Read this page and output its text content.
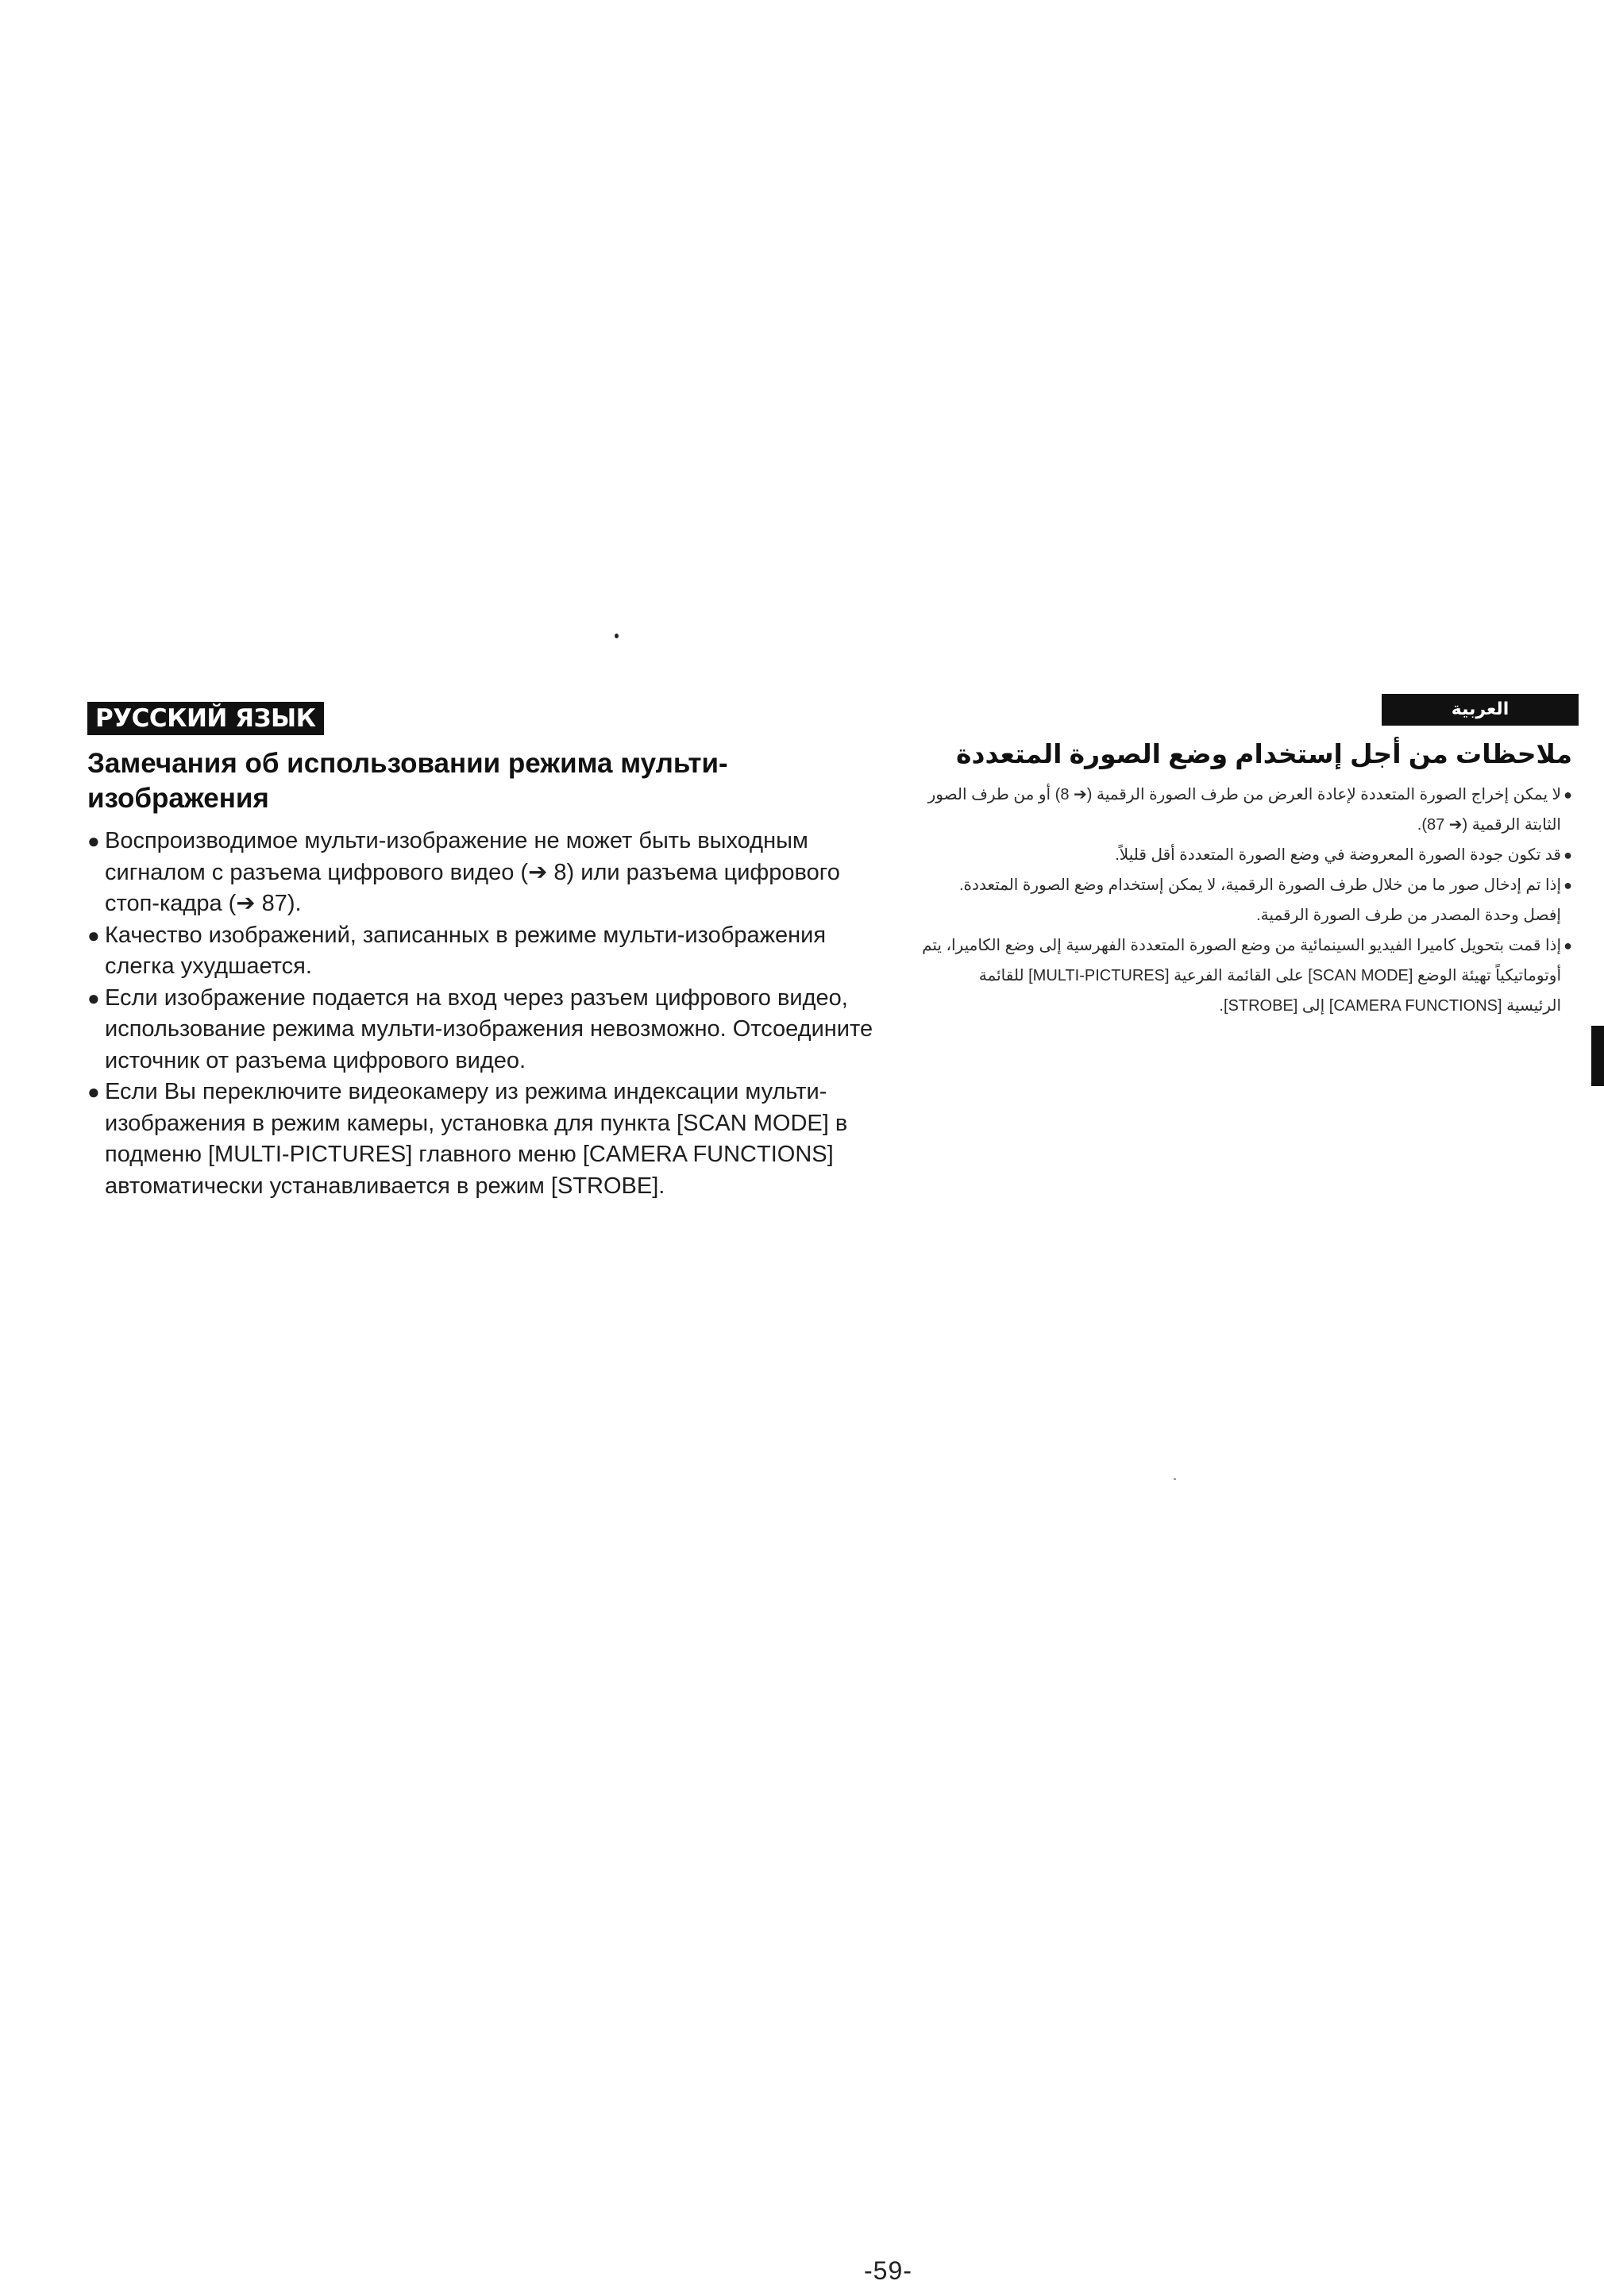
РУССКИЙ ЯЗЫК
Замечания об использовании режима мульти-изображения
● Воспроизводимое мульти-изображение не может быть выходным сигналом с разъема цифрового видео (➔ 8) или разъема цифрового стоп-кадра (➔ 87).
● Качество изображений, записанных в режиме мульти-изображения слегка ухудшается.
● Если изображение подается на вход через разъем цифрового видео, использование режима мульти-изображения невозможно. Отсоедините источник от разъема цифрового видео.
● Если Вы переключите видеокамеру из режима индексации мульти-изображения в режим камеры, установка для пункта [SCAN MODE] в подменю [MULTI-PICTURES] главного меню [CAMERA FUNCTIONS] автоматически устанавливается в режим [STROBE].
العربية
ملاحظات من أجل إستخدام وضع الصورة المتعددة
●
لا يمكن إخراج الصورة المتعددة لإعادة العرض من طرف الصورة الرقمية (➔ 8) أو من طرف الصور الثابتة الرقمية (➔ 87).
●
قد تكون جودة الصورة المعروضة في وضع الصورة المتعددة أقل قليلاً.
●
إذا تم إدخال صور ما من خلال طرف الصورة الرقمية، لا يمكن إستخدام وضع الصورة المتعددة. إفصل وحدة المصدر من طرف الصورة الرقمية.
●
إذا قمت بتحويل كاميرا الفيديو السينمائية من وضع الصورة المتعددة الفهرسية إلى وضع الكاميرا، يتم أوتوماتيكياً تهيئة الوضع [SCAN MODE] على القائمة الفرعية [MULTI-PICTURES] للقائمة الرئيسية [CAMERA FUNCTIONS] إلى [STROBE].
-59-
